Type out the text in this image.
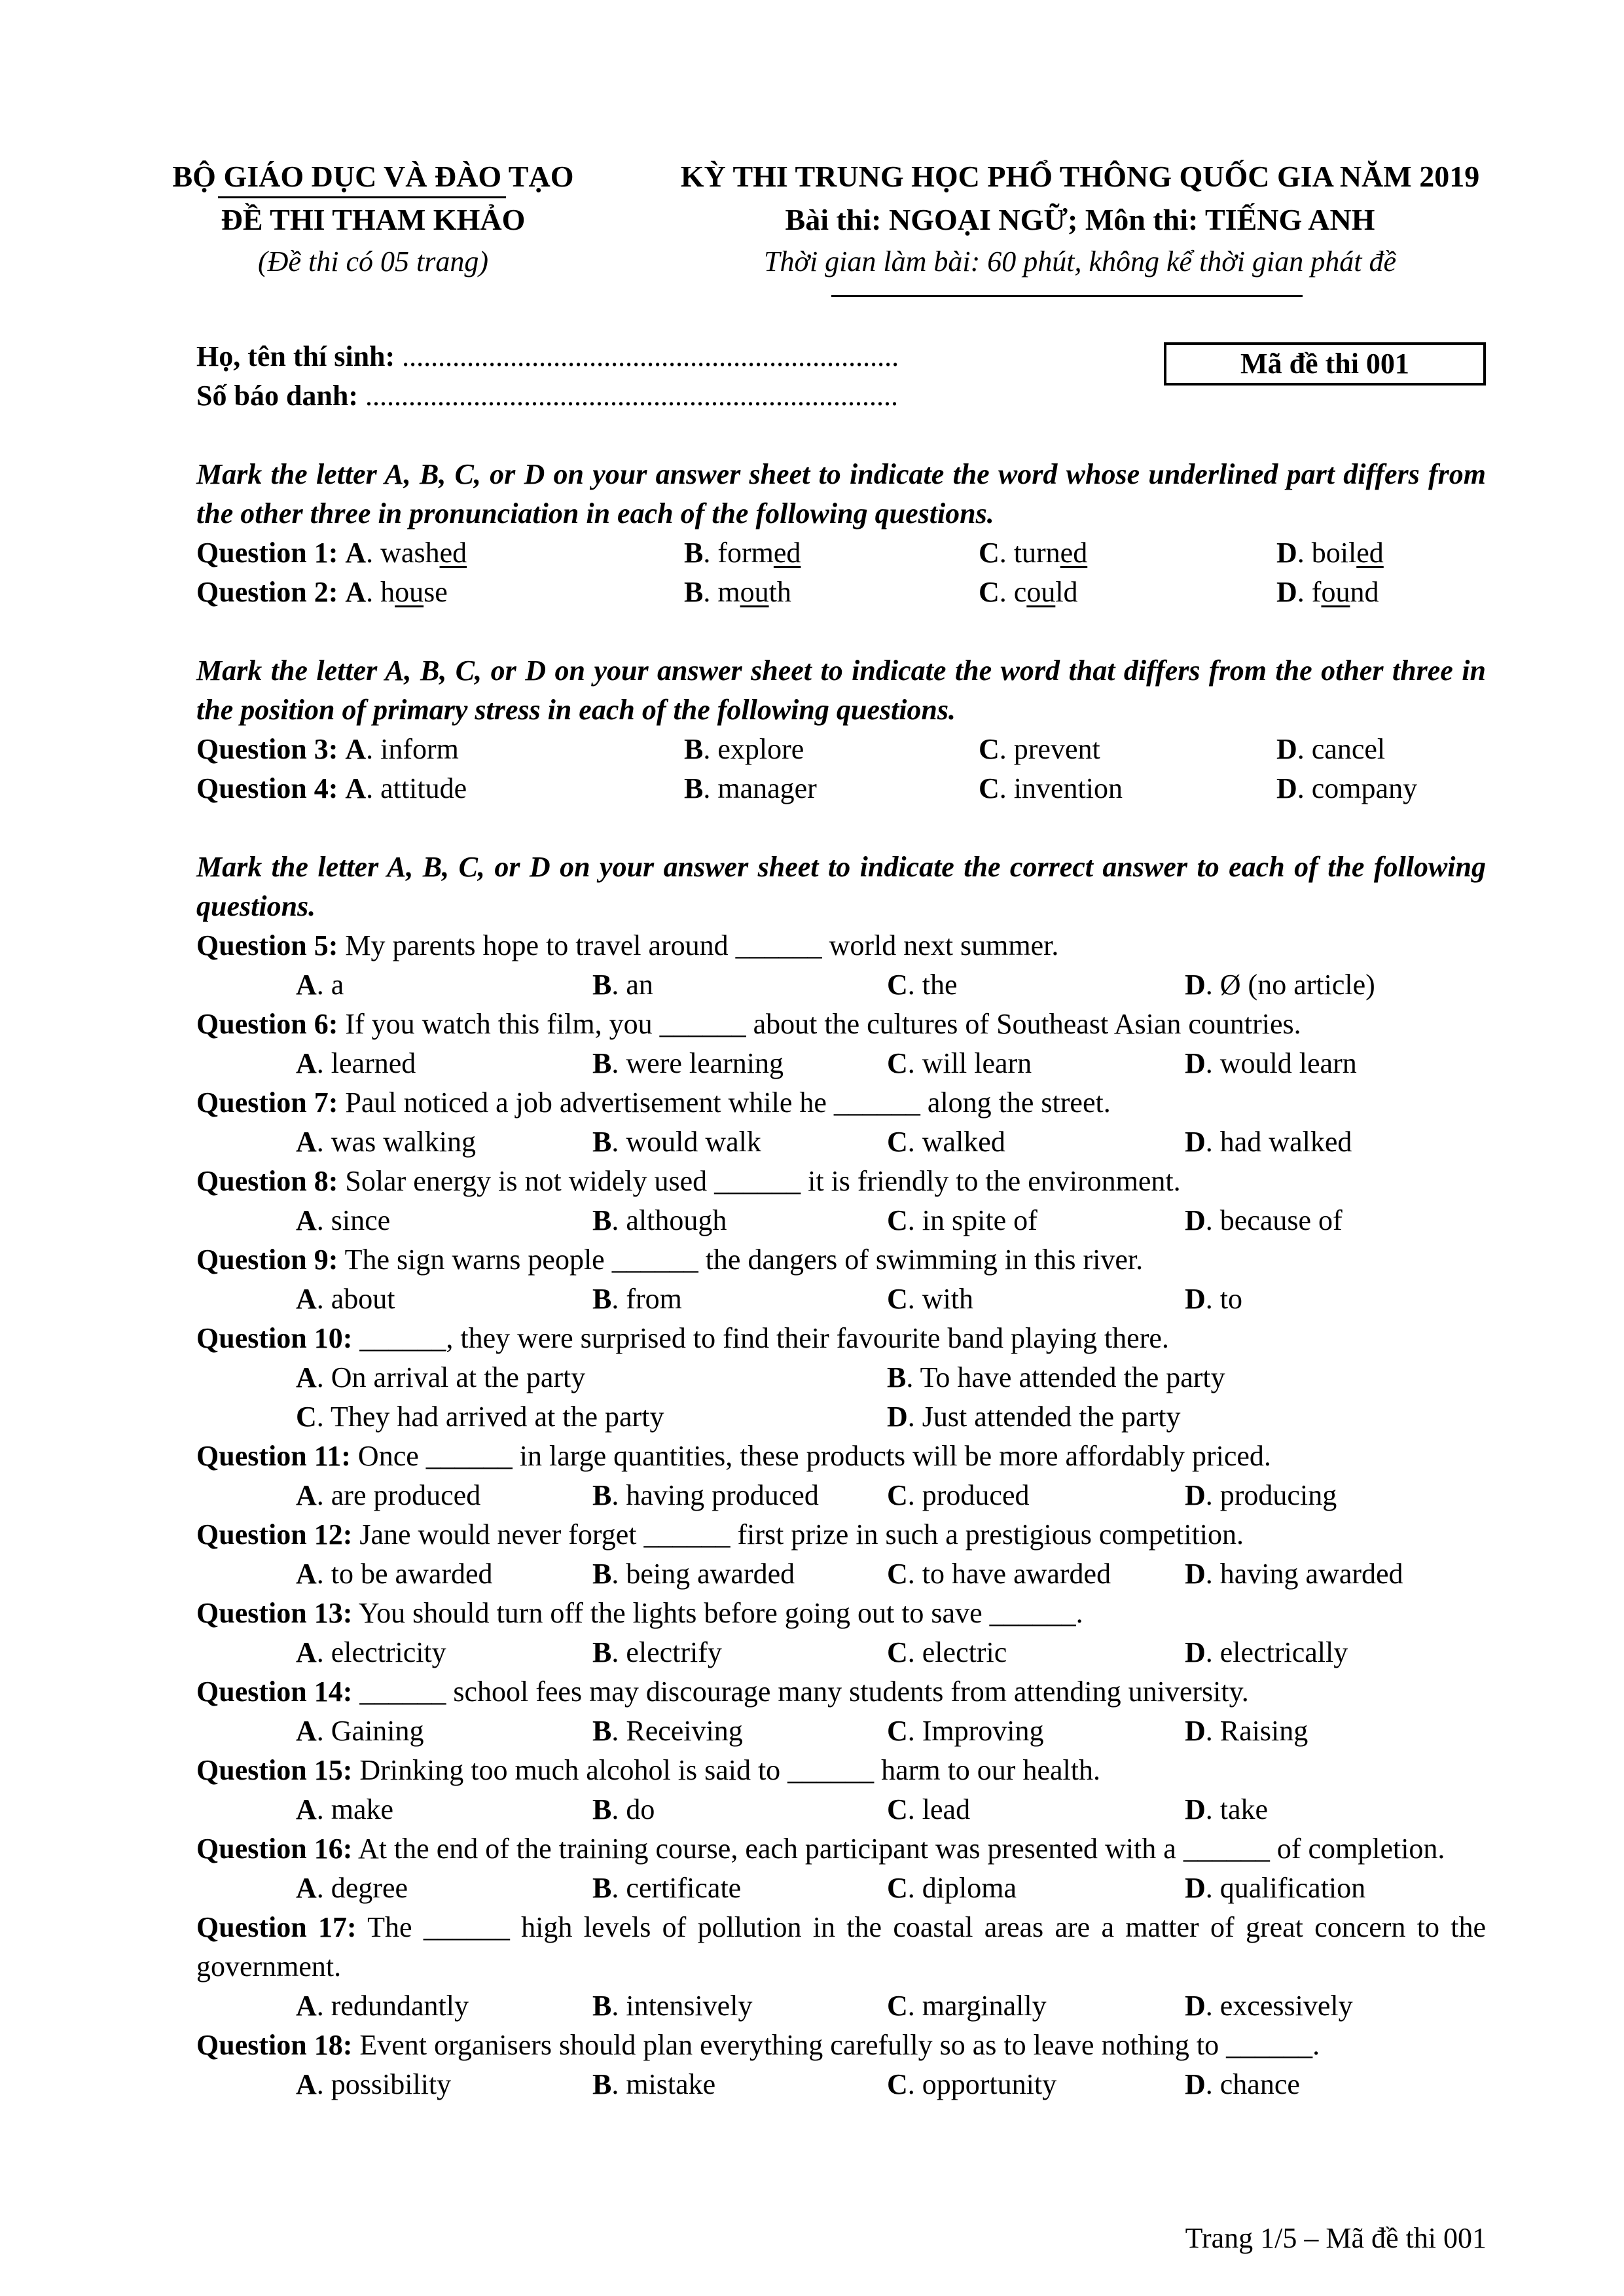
BỘ GIÁO DỤC VÀ ĐÀO TẠO
ĐỀ THI THAM KHẢO
(Đề thi có 05 trang)
KỲ THI TRUNG HỌC PHỔ THÔNG QUỐC GIA NĂM 2019
Bài thi: NGOẠI NGỮ; Môn thi: TIẾNG ANH
Thời gian làm bài: 60 phút, không kể thời gian phát đề
Họ, tên thí sinh: .....................................................................
Số báo danh: ..........................................................................
Mã đề thi 001
Mark the letter A, B, C, or D on your answer sheet to indicate the word whose underlined part differs from the other three in pronunciation in each of the following questions.
Question 1: A. washed	B. formed	C. turned	D. boiled
Question 2: A. house	B. mouth	C. could	D. found
Mark the letter A, B, C, or D on your answer sheet to indicate the word that differs from the other three in the position of primary stress in each of the following questions.
Question 3: A. inform	B. explore	C. prevent	D. cancel
Question 4: A. attitude	B. manager	C. invention	D. company
Mark the letter A, B, C, or D on your answer sheet to indicate the correct answer to each of the following questions.
Question 5: My parents hope to travel around ______ world next summer.
A. a	B. an	C. the	D. Ø (no article)
Question 6: If you watch this film, you ______ about the cultures of Southeast Asian countries.
A. learned	B. were learning	C. will learn	D. would learn
Question 7: Paul noticed a job advertisement while he ______ along the street.
A. was walking	B. would walk	C. walked	D. had walked
Question 8: Solar energy is not widely used ______ it is friendly to the environment.
A. since	B. although	C. in spite of	D. because of
Question 9: The sign warns people ______ the dangers of swimming in this river.
A. about	B. from	C. with	D. to
Question 10: ______, they were surprised to find their favourite band playing there.
A. On arrival at the party	B. To have attended the party
C. They had arrived at the party	D. Just attended the party
Question 11: Once ______ in large quantities, these products will be more affordably priced.
A. are produced	B. having produced C. produced	D. producing
Question 12: Jane would never forget ______ first prize in such a prestigious competition.
A. to be awarded	B. being awarded	C. to have awarded	D. having awarded
Question 13: You should turn off the lights before going out to save ______.
A. electricity	B. electrify	C. electric	D. electrically
Question 14: ______ school fees may discourage many students from attending university.
A. Gaining	B. Receiving	C. Improving	D. Raising
Question 15: Drinking too much alcohol is said to ______ harm to our health.
A. make	B. do	C. lead	D. take
Question 16: At the end of the training course, each participant was presented with a ______ of completion.
A. degree	B. certificate	C. diploma	D. qualification
Question 17: The ______ high levels of pollution in the coastal areas are a matter of great concern to the government.
A. redundantly	B. intensively	C. marginally	D. excessively
Question 18: Event organisers should plan everything carefully so as to leave nothing to ______.
A. possibility	B. mistake	C. opportunity	D. chance
Trang 1/5 – Mã đề thi 001
